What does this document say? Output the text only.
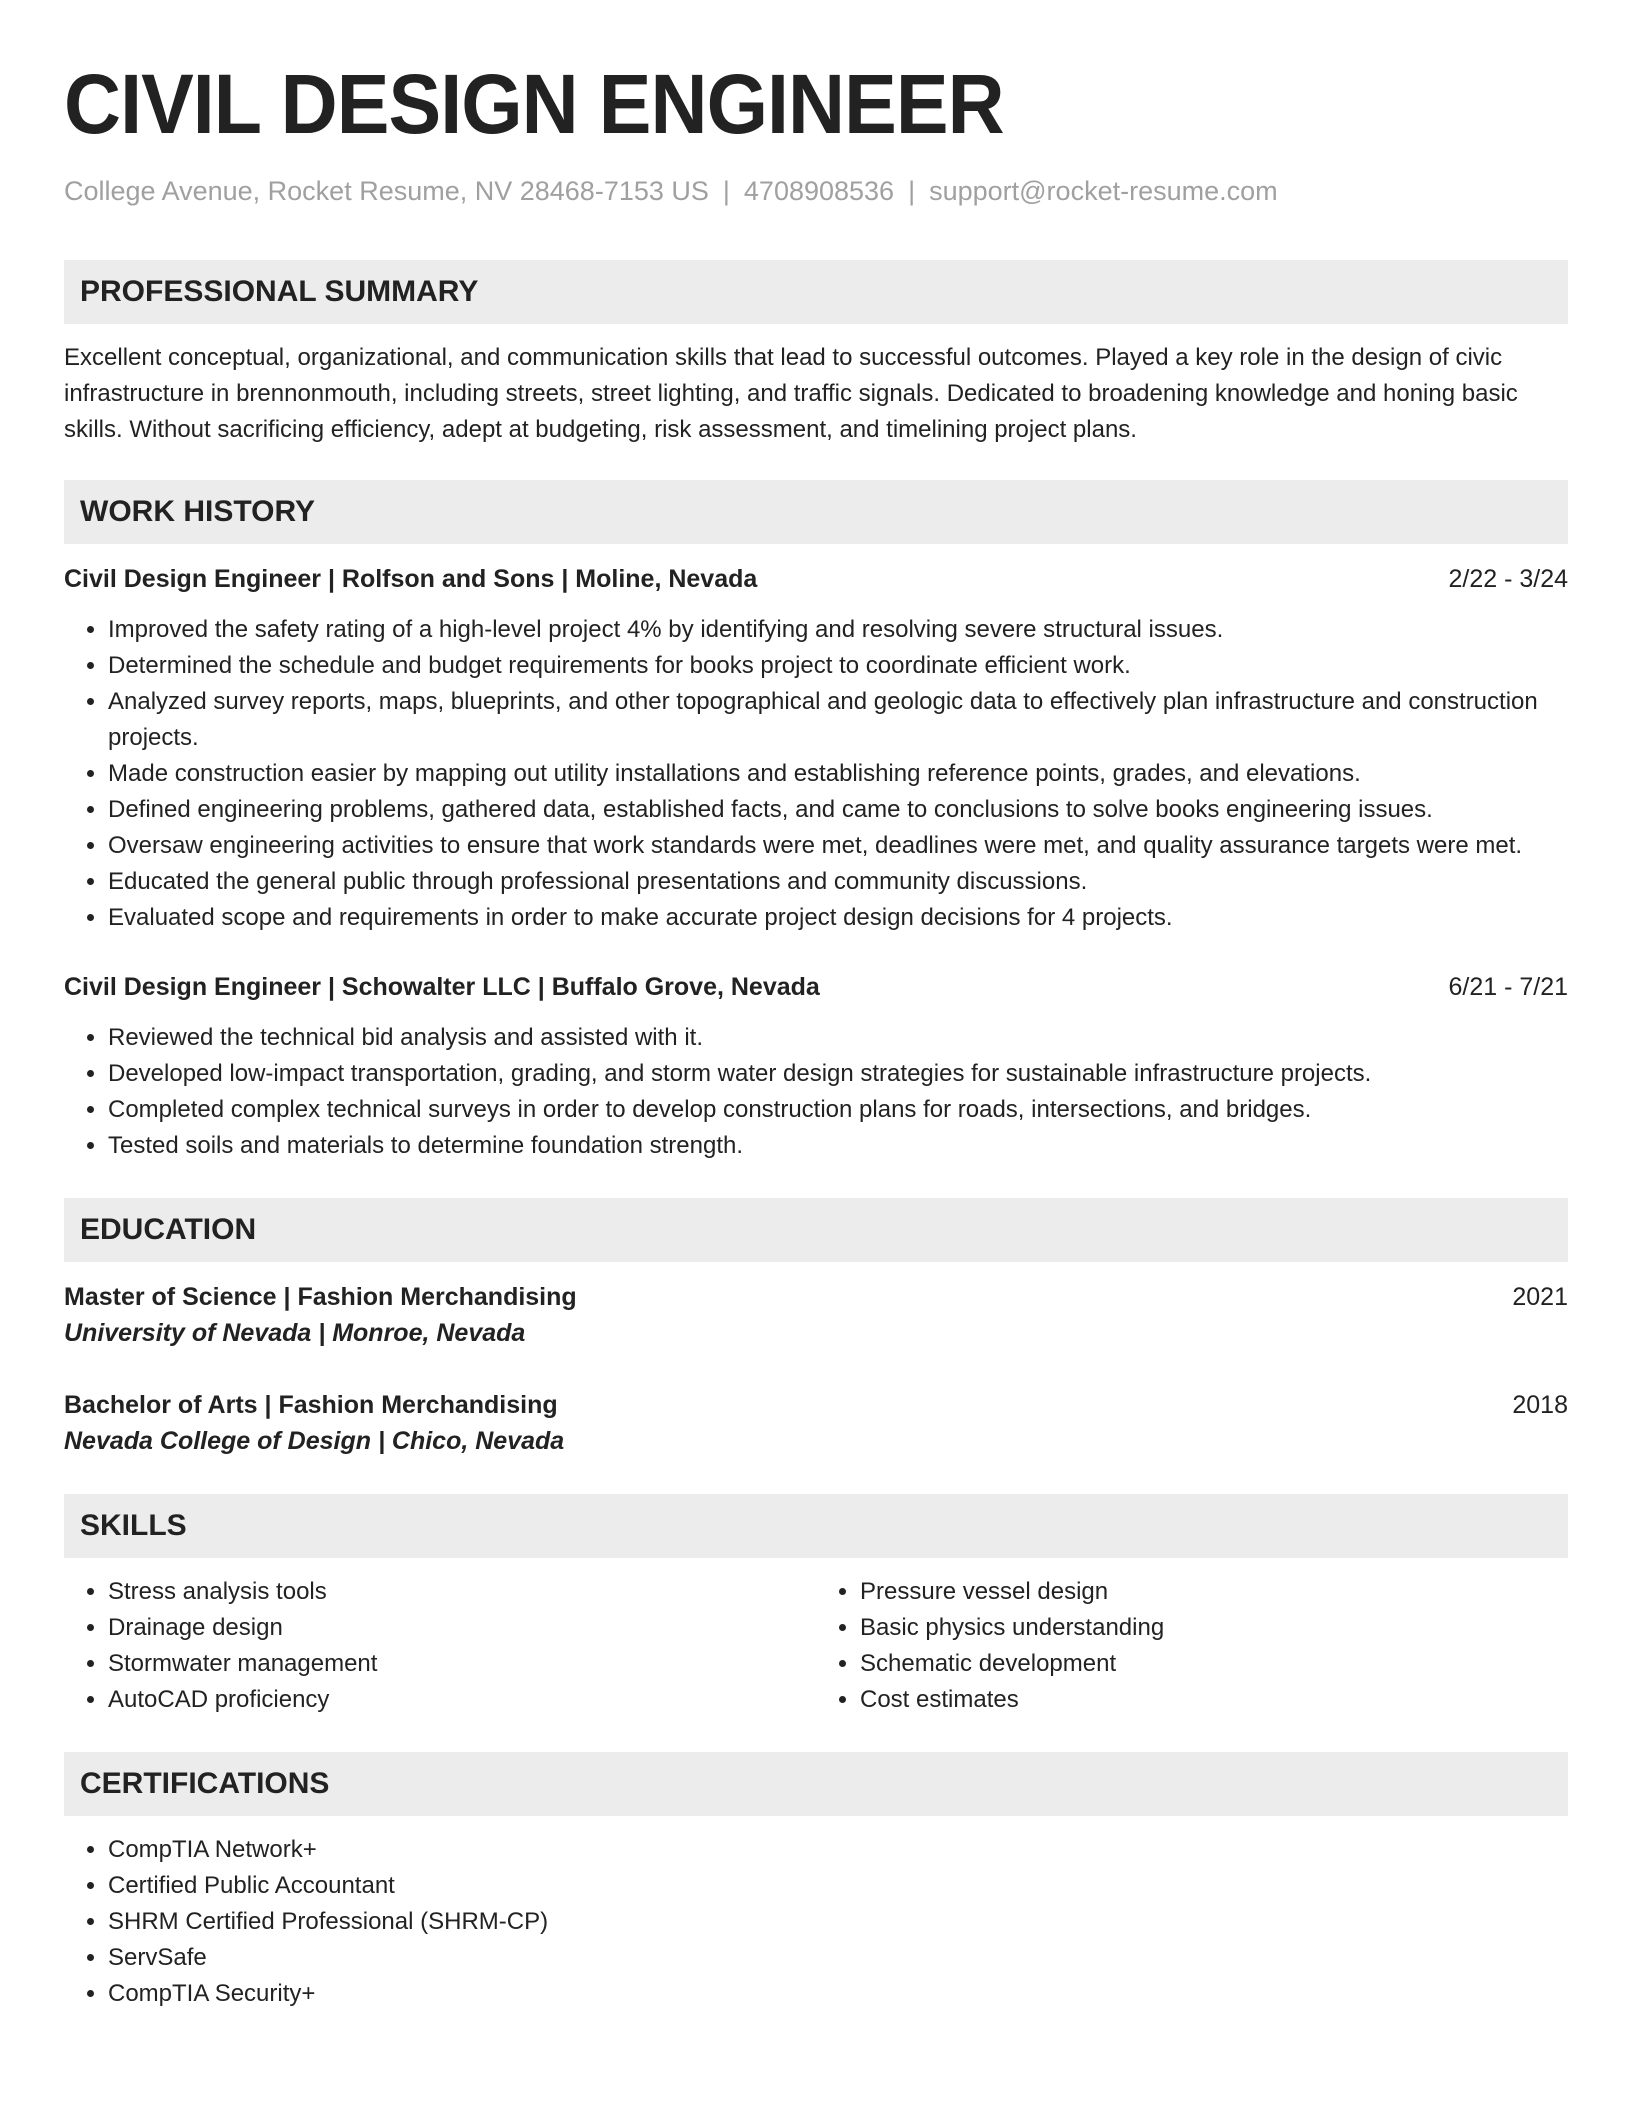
CIVIL DESIGN ENGINEER
College Avenue, Rocket Resume, NV 28468-7153 US | 4708908536 | support@rocket-resume.com
PROFESSIONAL SUMMARY

Excellent conceptual, organizational, and communication skills that lead to successful outcomes. Played a key role in the design of civic infrastructure in brennonmouth, including streets, street lighting, and traffic signals. Dedicated to broadening knowledge and honing basic skills. Without sacrificing efficiency, adept at budgeting, risk assessment, and timelining project plans.

WORK HISTORY
Civil Design Engineer | Rolfson and Sons | Moline, Nevada	2/22 - 3/24
• Improved the safety rating of a high-level project 4% by identifying and resolving severe structural issues.
• Determined the schedule and budget requirements for books project to coordinate efficient work.
• Analyzed survey reports, maps, blueprints, and other topographical and geologic data to effectively plan infrastructure and construction projects.
• Made construction easier by mapping out utility installations and establishing reference points, grades, and elevations.
• Defined engineering problems, gathered data, established facts, and came to conclusions to solve books engineering issues.
• Oversaw engineering activities to ensure that work standards were met, deadlines were met, and quality assurance targets were met.
• Educated the general public through professional presentations and community discussions.
• Evaluated scope and requirements in order to make accurate project design decisions for 4 projects.
Civil Design Engineer | Schowalter LLC | Buffalo Grove, Nevada	6/21 - 7/21
• Reviewed the technical bid analysis and assisted with it.
• Developed low-impact transportation, grading, and storm water design strategies for sustainable infrastructure projects.
• Completed complex technical surveys in order to develop construction plans for roads, intersections, and bridges.
• Tested soils and materials to determine foundation strength.
EDUCATION
Master of Science | Fashion Merchandising	2021
University of Nevada | Monroe, Nevada
Bachelor of Arts | Fashion Merchandising	2018
Nevada College of Design | Chico, Nevada
SKILLS
• Stress analysis tools
• Drainage design
• Stormwater management
• AutoCAD proficiency
• Pressure vessel design
• Basic physics understanding
• Schematic development
• Cost estimates
CERTIFICATIONS
• CompTIA Network+
• Certified Public Accountant
• SHRM Certified Professional (SHRM-CP)
• ServSafe
• CompTIA Security+
